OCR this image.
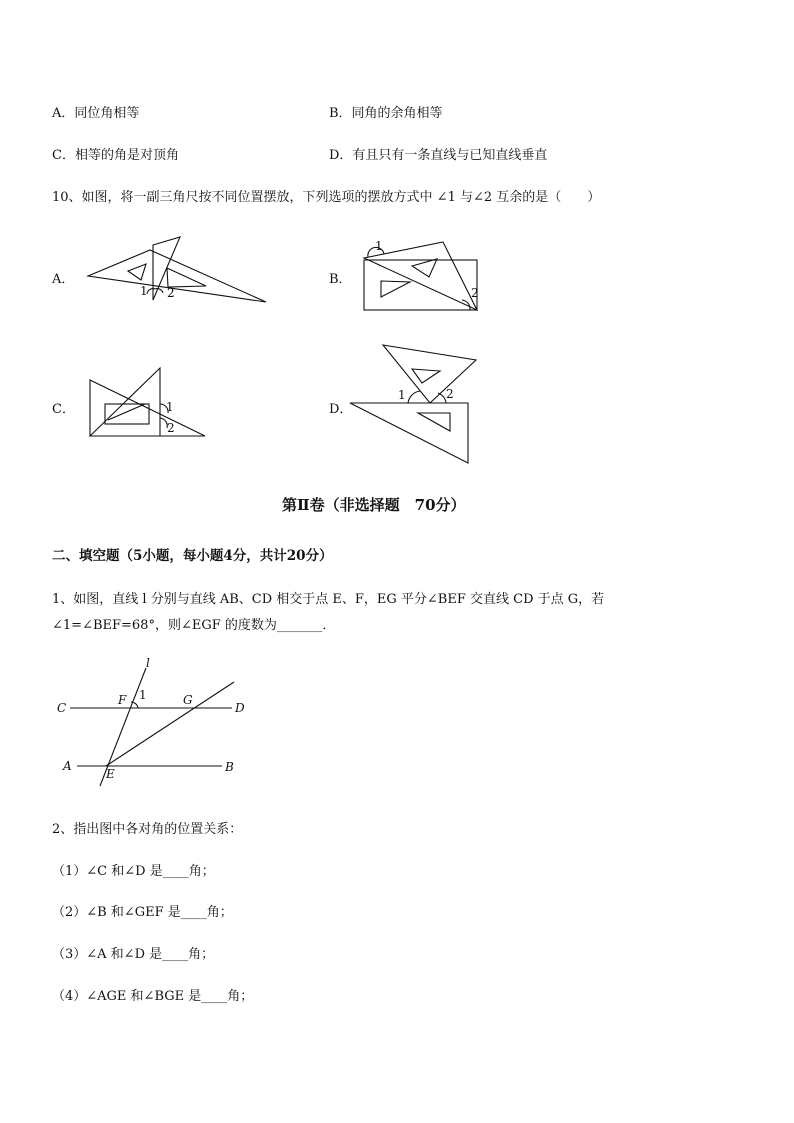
A．同位角相等	B．同角的余角相等
C．相等的角是对顶角	D．有且只有一条直线与已知直线垂直
10、如图，将一副三角尺按不同位置摆放，下列选项的摆放方式中 ∠1 与∠2 互余的是（　　）
A．
1 2
B．
1
2
C．	1
2
D．
1	2
第Ⅱ卷（非选择题　70分）
二、填空题（5小题，每小题4分，共计20分）
1、如图，直线 l 分别与直线 AB、CD 相交于点 E、F，EG 平分∠BEF 交直线 CD 于点 G，若
∠1=∠BEF=68°，则∠EGF 的度数为_______．
l
C
F 1	G
D
A
E	B
2、指出图中各对角的位置关系：
（1）∠C 和∠D 是____角；
（2）∠B 和∠GEF 是____角；
（3）∠A 和∠D 是____角；
（4）∠AGE 和∠BGE 是____角；
